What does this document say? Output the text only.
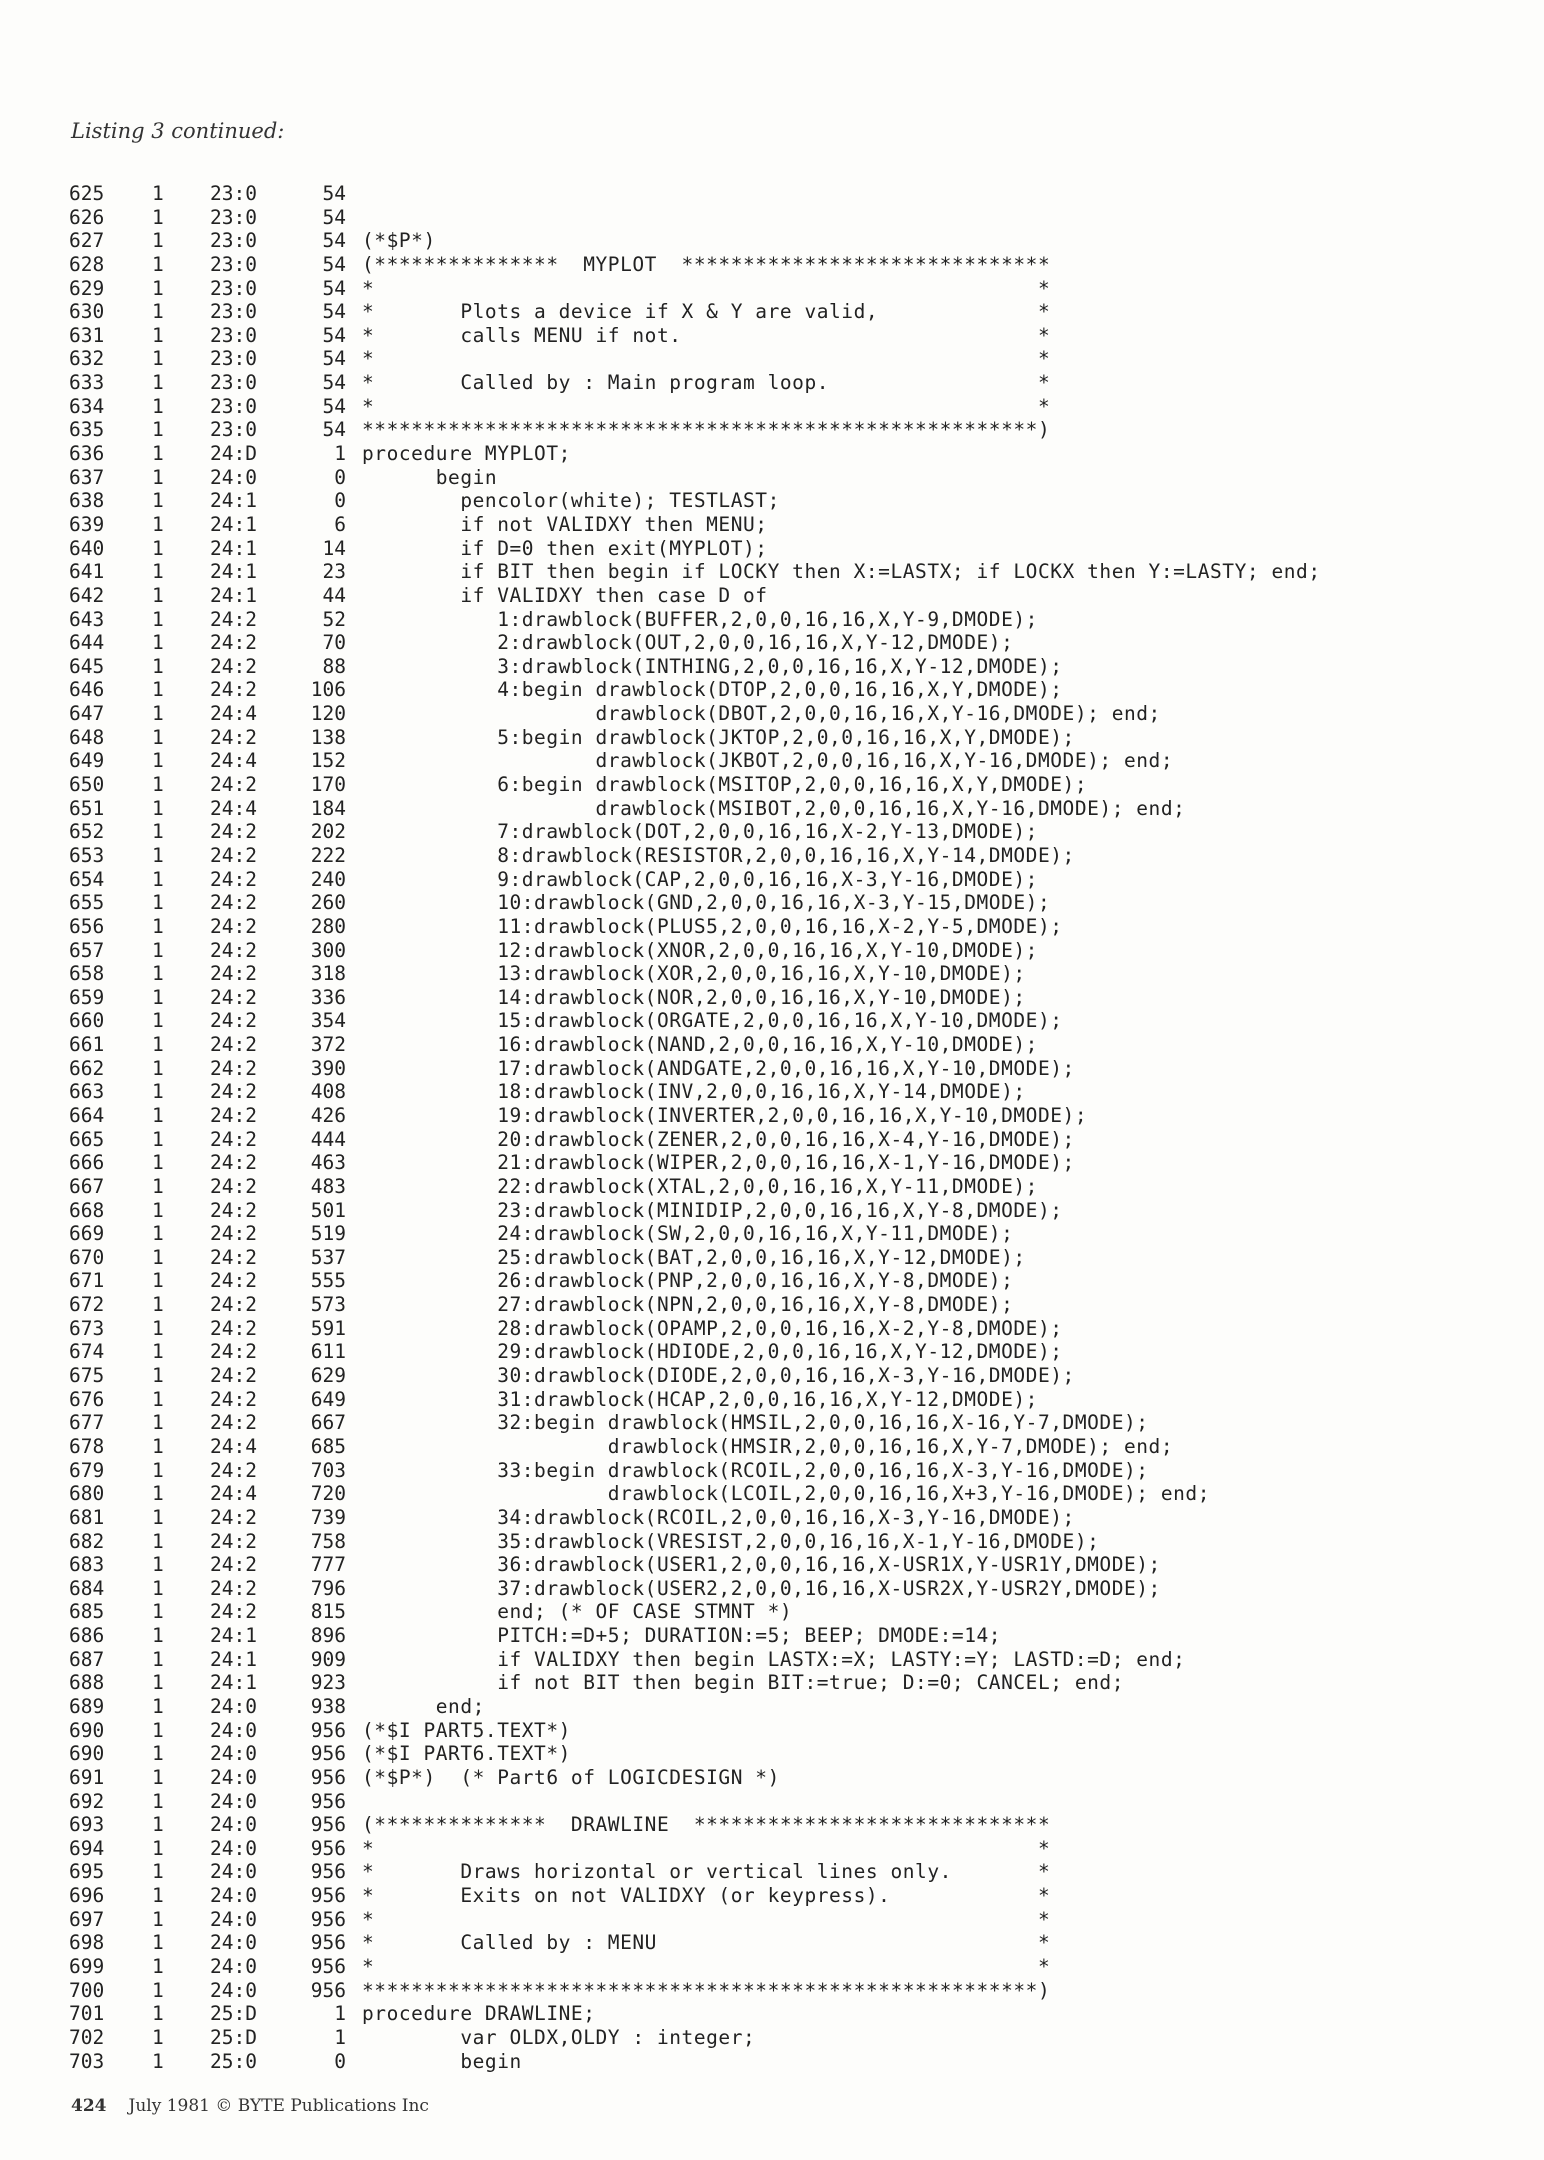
Listing 3 continued:
625 1 23:0	54
626 1 23:0	54
627 1 23:0	54 (*$P*)
628 1 23:0	54 (***************  MYPLOT  ******************************
629 1 23:0	54 *                                                      *
630 1 23:0	54 *       Plots a device if X & Y are valid,             *
631 1 23:0	54 *       calls MENU if not.                             *
632 1 23:0	54 *                                                      *
633 1 23:0	54 *       Called by : Main program loop.                 *
634 1 23:0	54 *                                                      *
635 1 23:0	54 *******************************************************)
636 1 24:D	1 procedure MYPLOT;
637 1 24:0	0 begin
638 1 24:1	0 pencolor(white); TESTLAST;
639 1 24:1	6 if not VALIDXY then MENU;
640 1 24:1	14 if D=0 then exit(MYPLOT);
641 1 24:1	23 if BIT then begin if LOCKY then X:=LASTX; if LOCKX then Y:=LASTY; end;
642 1 24:1	44 if VALIDXY then case D of
643 1 24:2	52 1:drawblock(BUFFER,2,0,0,16,16,X,Y-9,DMODE);
644 1 24:2	70 2:drawblock(OUT,2,0,0,16,16,X,Y-12,DMODE);
645 1 24:2	88 3:drawblock(INTHING,2,0,0,16,16,X,Y-12,DMODE);
646 1 24:2	106 4:begin drawblock(DTOP,2,0,0,16,16,X,Y,DMODE);
647 1 24:4	120 drawblock(DBOT,2,0,0,16,16,X,Y-16,DMODE); end;
648 1 24:2	138 5:begin drawblock(JKTOP,2,0,0,16,16,X,Y,DMODE);
649 1 24:4	152 drawblock(JKBOT,2,0,0,16,16,X,Y-16,DMODE); end;
650 1 24:2	170 6:begin drawblock(MSITOP,2,0,0,16,16,X,Y,DMODE);
651 1 24:4	184 drawblock(MSIBOT,2,0,0,16,16,X,Y-16,DMODE); end;
652 1 24:2	202 7:drawblock(DOT,2,0,0,16,16,X-2,Y-13,DMODE);
653 1 24:2	222 8:drawblock(RESISTOR,2,0,0,16,16,X,Y-14,DMODE);
654 1 24:2	240 9:drawblock(CAP,2,0,0,16,16,X-3,Y-16,DMODE);
655 1 24:2	260 10:drawblock(GND,2,0,0,16,16,X-3,Y-15,DMODE);
656 1 24:2	280 11:drawblock(PLUS5,2,0,0,16,16,X-2,Y-5,DMODE);
657 1 24:2	300 12:drawblock(XNOR,2,0,0,16,16,X,Y-10,DMODE);
658 1 24:2	318 13:drawblock(XOR,2,0,0,16,16,X,Y-10,DMODE);
659 1 24:2	336 14:drawblock(NOR,2,0,0,16,16,X,Y-10,DMODE);
660 1 24:2	354 15:drawblock(ORGATE,2,0,0,16,16,X,Y-10,DMODE);
661 1 24:2	372 16:drawblock(NAND,2,0,0,16,16,X,Y-10,DMODE);
662 1 24:2	390 17:drawblock(ANDGATE,2,0,0,16,16,X,Y-10,DMODE);
663 1 24:2	408 18:drawblock(INV,2,0,0,16,16,X,Y-14,DMODE);
664 1 24:2	426 19:drawblock(INVERTER,2,0,0,16,16,X,Y-10,DMODE);
665 1 24:2	444 20:drawblock(ZENER,2,0,0,16,16,X-4,Y-16,DMODE);
666 1 24:2	463 21:drawblock(WIPER,2,0,0,16,16,X-1,Y-16,DMODE);
667 1 24:2	483 22:drawblock(XTAL,2,0,0,16,16,X,Y-11,DMODE);
668 1 24:2	501 23:drawblock(MINIDIP,2,0,0,16,16,X,Y-8,DMODE);
669 1 24:2	519 24:drawblock(SW,2,0,0,16,16,X,Y-11,DMODE);
670 1 24:2	537 25:drawblock(BAT,2,0,0,16,16,X,Y-12,DMODE);
671 1 24:2	555 26:drawblock(PNP,2,0,0,16,16,X,Y-8,DMODE);
672 1 24:2	573 27:drawblock(NPN,2,0,0,16,16,X,Y-8,DMODE);
673 1 24:2	591 28:drawblock(OPAMP,2,0,0,16,16,X-2,Y-8,DMODE);
674 1 24:2	611 29:drawblock(HDIODE,2,0,0,16,16,X,Y-12,DMODE);
675 1 24:2	629 30:drawblock(DIODE,2,0,0,16,16,X-3,Y-16,DMODE);
676 1 24:2	649 31:drawblock(HCAP,2,0,0,16,16,X,Y-12,DMODE);
677 1 24:2	667 32:begin drawblock(HMSIL,2,0,0,16,16,X-16,Y-7,DMODE);
678 1 24:4	685 drawblock(HMSIR,2,0,0,16,16,X,Y-7,DMODE); end;
679 1 24:2	703 33:begin drawblock(RCOIL,2,0,0,16,16,X-3,Y-16,DMODE);
680 1 24:4	720 drawblock(LCOIL,2,0,0,16,16,X+3,Y-16,DMODE); end;
681 1 24:2	739 34:drawblock(RCOIL,2,0,0,16,16,X-3,Y-16,DMODE);
682 1 24:2	758 35:drawblock(VRESIST,2,0,0,16,16,X-1,Y-16,DMODE);
683 1 24:2	777 36:drawblock(USER1,2,0,0,16,16,X-USR1X,Y-USR1Y,DMODE);
684 1 24:2	796 37:drawblock(USER2,2,0,0,16,16,X-USR2X,Y-USR2Y,DMODE);
685 1 24:2	815 end; (* OF CASE STMNT *)
686 1 24:1	896 PITCH:=D+5; DURATION:=5; BEEP; DMODE:=14;
687 1 24:1	909 if VALIDXY then begin LASTX:=X; LASTY:=Y; LASTD:=D; end;
688 1 24:1	923 if not BIT then begin BIT:=true; D:=0; CANCEL; end;
689 1 24:0	938 end;
690 1 24:0	956 (*$I PART5.TEXT*)
690 1 24:0	956 (*$I PART6.TEXT*)
691 1 24:0	956 (*$P*)  (* Part6 of LOGICDESIGN *)
692 1 24:0	956
693 1 24:0	956 (**************  DRAWLINE  *****************************
694 1 24:0	956 *                                                      *
695 1 24:0	956 *       Draws horizontal or vertical lines only.       *
696 1 24:0	956 *       Exits on not VALIDXY (or keypress).            *
697 1 24:0	956 *                                                      *
698 1 24:0	956 *       Called by : MENU                               *
699 1 24:0	956 *                                                      *
700 1 24:0	956 *******************************************************)
701 1 25:D	1 procedure DRAWLINE;
702 1 25:D	1 var OLDX,OLDY : integer;
703 1 25:0	0 begin
424 July 1981 © BYTE Publications Inc
